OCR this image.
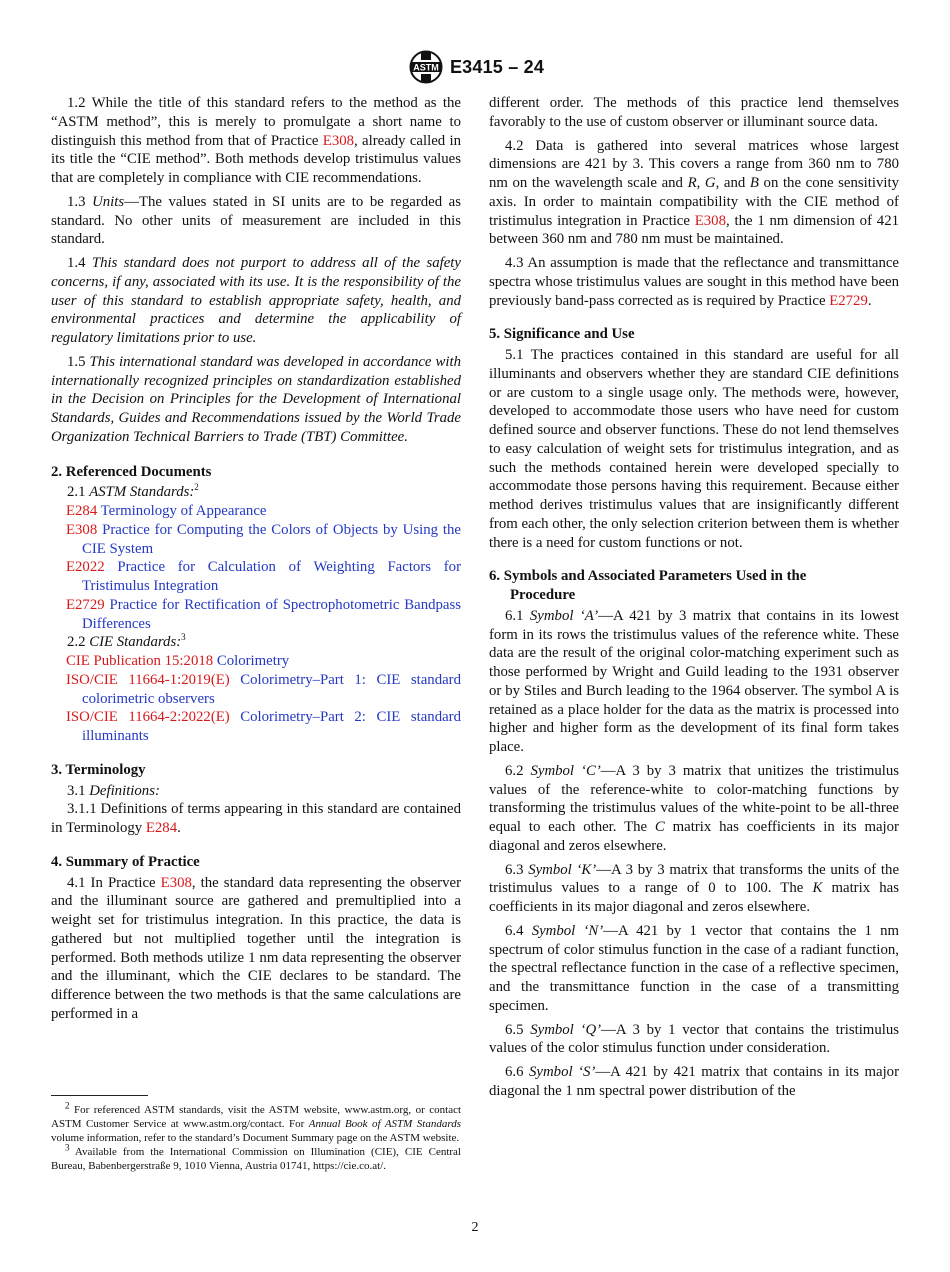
ASTM E3415 – 24

1.2 While the title of this standard refers to the method as the “ASTM method”, this is merely to promulgate a short name to distinguish this method from that of Practice E308, already called in its title the “CIE method”. Both methods develop tristimulus values that are completely in compliance with CIE recommendations.

1.3 Units—The values stated in SI units are to be regarded as standard. No other units of measurement are included in this standard.

1.4 This standard does not purport to address all of the safety concerns, if any, associated with its use. It is the responsibility of the user of this standard to establish appropriate safety, health, and environmental practices and determine the applicability of regulatory limitations prior to use.

1.5 This international standard was developed in accordance with internationally recognized principles on standardization established in the Decision on Principles for the Development of International Standards, Guides and Recommendations issued by the World Trade Organization Technical Barriers to Trade (TBT) Committee.

2. Referenced Documents

2.1 ASTM Standards:$^2$

E284 Terminology of Appearance

E308 Practice for Computing the Colors of Objects by Using the CIE System

E2022 Practice for Calculation of Weighting Factors for Tristimulus Integration

E2729 Practice for Rectification of Spectrophotometric Bandpass Differences

2.2 CIE Standards:$^3$

CIE Publication 15:2018 Colorimetry

ISO/CIE 11664-1:2019(E) Colorimetry–Part 1: CIE standard colorimetric observers

ISO/CIE 11664-2:2022(E) Colorimetry–Part 2: CIE standard illuminants

3. Terminology

3.1 Definitions:

3.1.1 Definitions of terms appearing in this standard are contained in Terminology E284.

4. Summary of Practice

4.1 In Practice E308, the standard data representing the observer and the illuminant source are gathered and premultiplied into a weight set for tristimulus integration. In this practice, the data is gathered but not multiplied together until the integration is performed. Both methods utilize 1 nm data representing the observer and the illuminant, which the CIE declares to be standard. The difference between the two methods is that the same calculations are performed in a

$^2$ For referenced ASTM standards, visit the ASTM website, www.astm.org, or contact ASTM Customer Service at www.astm.org/contact. For Annual Book of ASTM Standards volume information, refer to the standard’s Document Summary page on the ASTM website.

$^3$ Available from the International Commission on Illumination (CIE), CIE Central Bureau, Babenbergerstraße 9, 1010 Vienna, Austria 01741, https://cie.co.at/.

different order. The methods of this practice lend themselves favorably to the use of custom observer or illuminant source data.

4.2 Data is gathered into several matrices whose largest dimensions are 421 by 3. This covers a range from 360 nm to 780 nm on the wavelength scale and R, G, and B on the cone sensitivity axis. In order to maintain compatibility with the CIE method of tristimulus integration in Practice E308, the 1 nm dimension of 421 between 360 nm and 780 nm must be maintained.

4.3 An assumption is made that the reflectance and transmittance spectra whose tristimulus values are sought in this method have been previously band-pass corrected as is required by Practice E2729.

5. Significance and Use

5.1 The practices contained in this standard are useful for all illuminants and observers whether they are standard CIE definitions or are custom to a single usage only. The methods were, however, developed to accommodate those users who have need for custom defined source and observer functions. These do not lend themselves to easy calculation of weight sets for tristimulus integration, and as such the methods contained herein were developed specially to accommodate those persons having this requirement. Because either method derives tristimulus values that are insignificantly different from each other, the only selection criterion between them is whether there is a need for custom functions or not.

6. Symbols and Associated Parameters Used in the
Procedure

6.1 Symbol ‘A’—A 421 by 3 matrix that contains in its lowest form in its rows the tristimulus values of the reference white. These data are the result of the original color-matching experiment such as those performed by Wright and Guild leading to the 1931 observer or by Stiles and Burch leading to the 1964 observer. The symbol A is retained as a place holder for the data as the matrix is processed into higher and higher form as the development of its final form takes place.

6.2 Symbol ‘C’—A 3 by 3 matrix that unitizes the tristimulus values of the reference-white to color-matching functions by transforming the tristimulus values of the white-point to be all-three equal to each other. The C matrix has coefficients in its major diagonal and zeros elsewhere.

6.3 Symbol ‘K’—A 3 by 3 matrix that transforms the units of the tristimulus values to a range of 0 to 100. The K matrix has coefficients in its major diagonal and zeros elsewhere.

6.4 Symbol ‘N’—A 421 by 1 vector that contains the 1 nm spectrum of color stimulus function in the case of a radiant function, the spectral reflectance function in the case of a reflective specimen, and the transmittance function in the case of a transmitting specimen.

6.5 Symbol ‘Q’—A 3 by 1 vector that contains the tristimulus values of the color stimulus function under consideration.

6.6 Symbol ‘S’—A 421 by 421 matrix that contains in its major diagonal the 1 nm spectral power distribution of the

2
